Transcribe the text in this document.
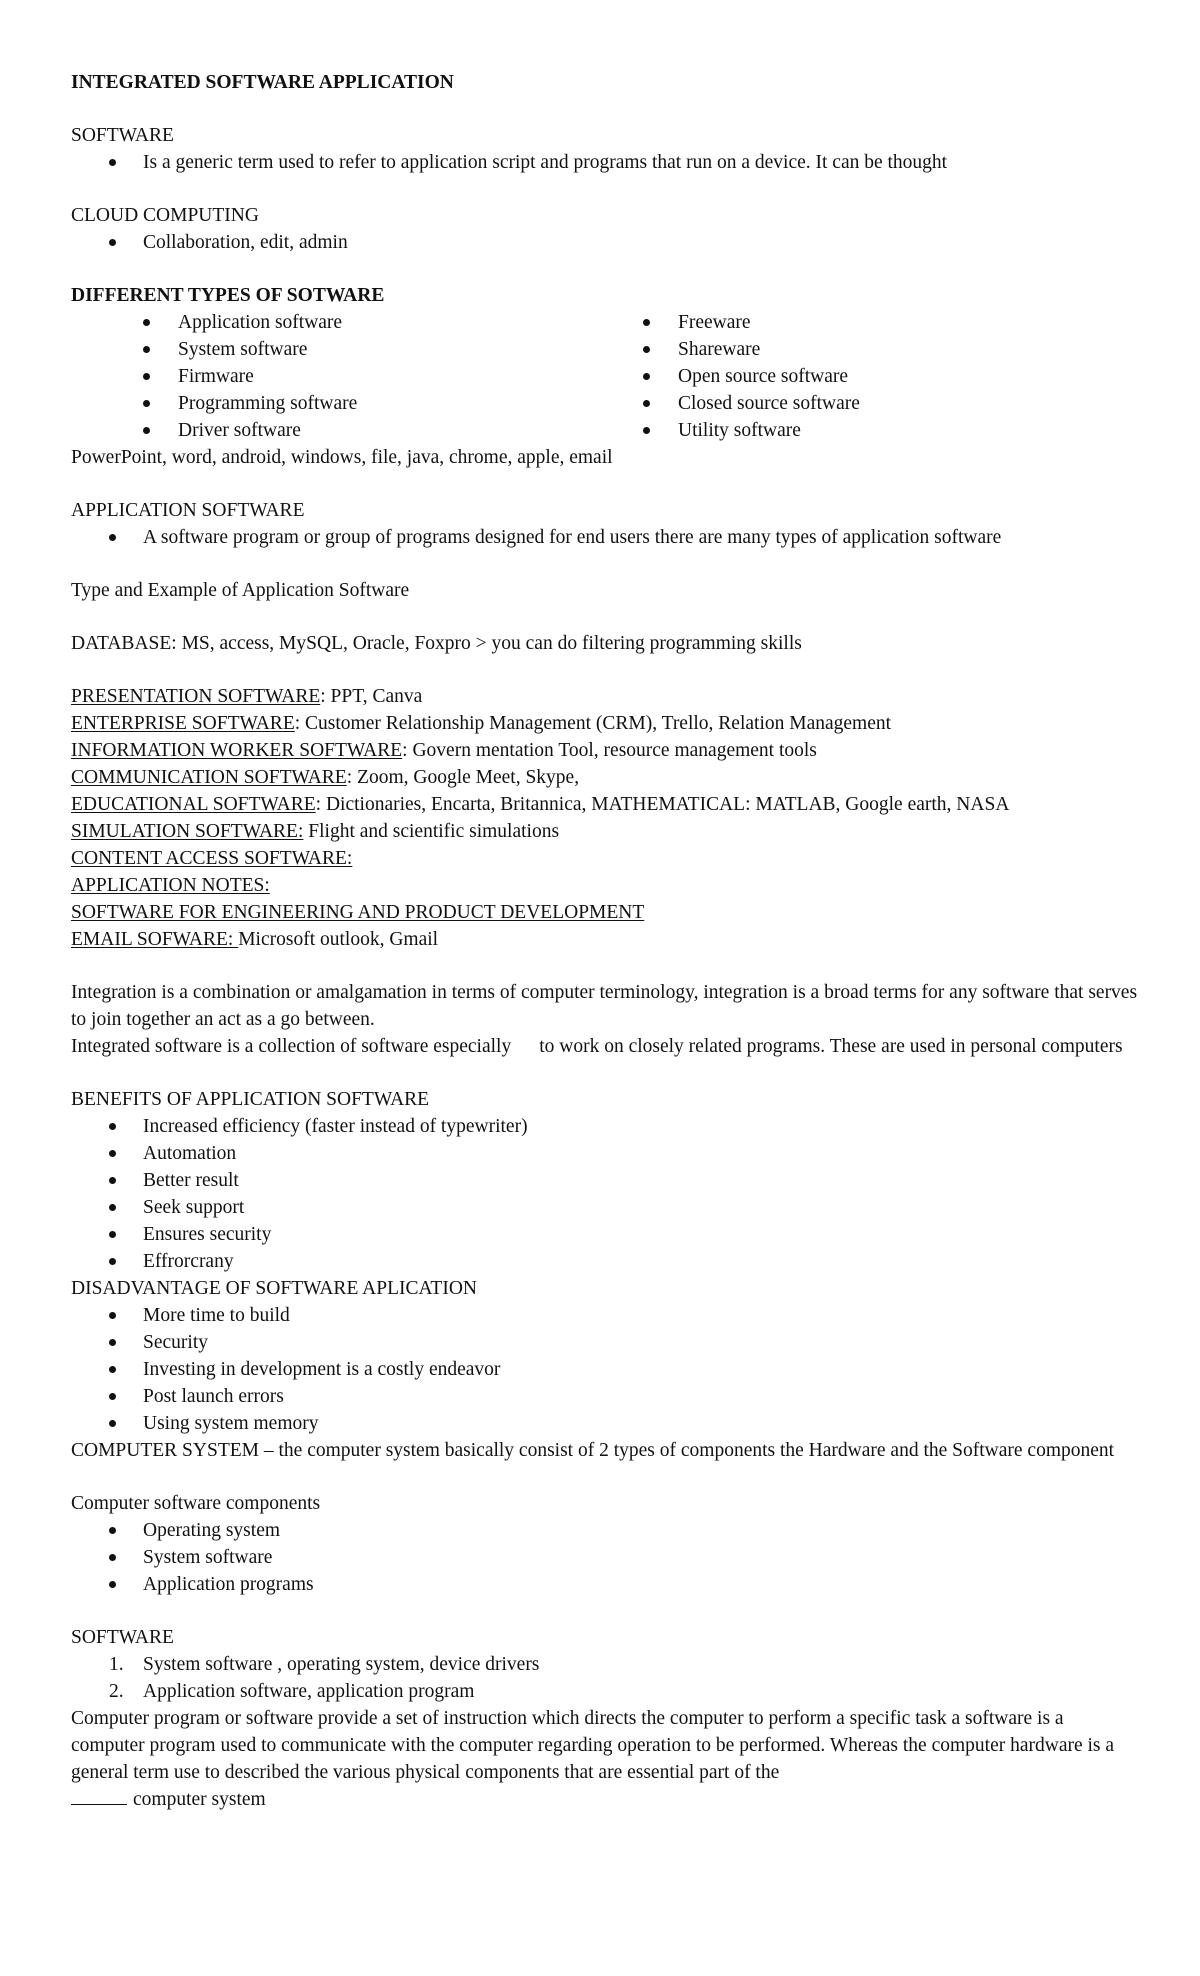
INTEGRATED SOFTWARE APPLICATION
SOFTWARE
Is a generic term used to refer to application script and programs that run on a device. It can be thought
CLOUD COMPUTING
Collaboration, edit, admin
DIFFERENT TYPES OF SOTWARE
Application software
System software
Firmware
Programming software
Driver software
Freeware
Shareware
Open source software
Closed source software
Utility software
PowerPoint, word, android, windows, file, java, chrome, apple, email
APPLICATION SOFTWARE
A software program or group of programs designed for end users there are many types of application software
Type and Example of Application Software
DATABASE: MS, access, MySQL, Oracle, Foxpro > you can do filtering programming skills
PRESENTATION SOFTWARE: PPT, Canva
ENTERPRISE SOFTWARE: Customer Relationship Management (CRM), Trello, Relation Management
INFORMATION WORKER SOFTWARE: Govern mentation Tool, resource management tools
COMMUNICATION SOFTWARE: Zoom, Google Meet, Skype,
EDUCATIONAL SOFTWARE: Dictionaries, Encarta, Britannica, MATHEMATICAL: MATLAB, Google earth, NASA
SIMULATION SOFTWARE: Flight and scientific simulations
CONTENT ACCESS SOFTWARE:
APPLICATION NOTES:
SOFTWARE FOR ENGINEERING AND PRODUCT DEVELOPMENT
EMAIL SOFWARE: Microsoft outlook, Gmail
Integration is a combination or amalgamation in terms of computer terminology, integration is a broad terms for any software that serves to join together an act as a go between.
Integrated software is a collection of software especially to work on closely related programs. These are used in personal computers
BENEFITS OF APPLICATION SOFTWARE
Increased efficiency (faster instead of typewriter)
Automation
Better result
Seek support
Ensures security
Effrorcrany
DISADVANTAGE OF SOFTWARE APLICATION
More time to build
Security
Investing in development is a costly endeavor
Post launch errors
Using system memory
COMPUTER SYSTEM – the computer system basically consist of 2 types of components the Hardware and the Software component
Computer software components
Operating system
System software
Application programs
SOFTWARE
1. System software , operating system, device drivers
2. Application software, application program
Computer program or software provide a set of instruction which directs the computer to perform a specific task a software is a computer program used to communicate with the computer regarding operation to be performed. Whereas the computer hardware is a general term use to described the various physical components that are essential part of the
computer system
